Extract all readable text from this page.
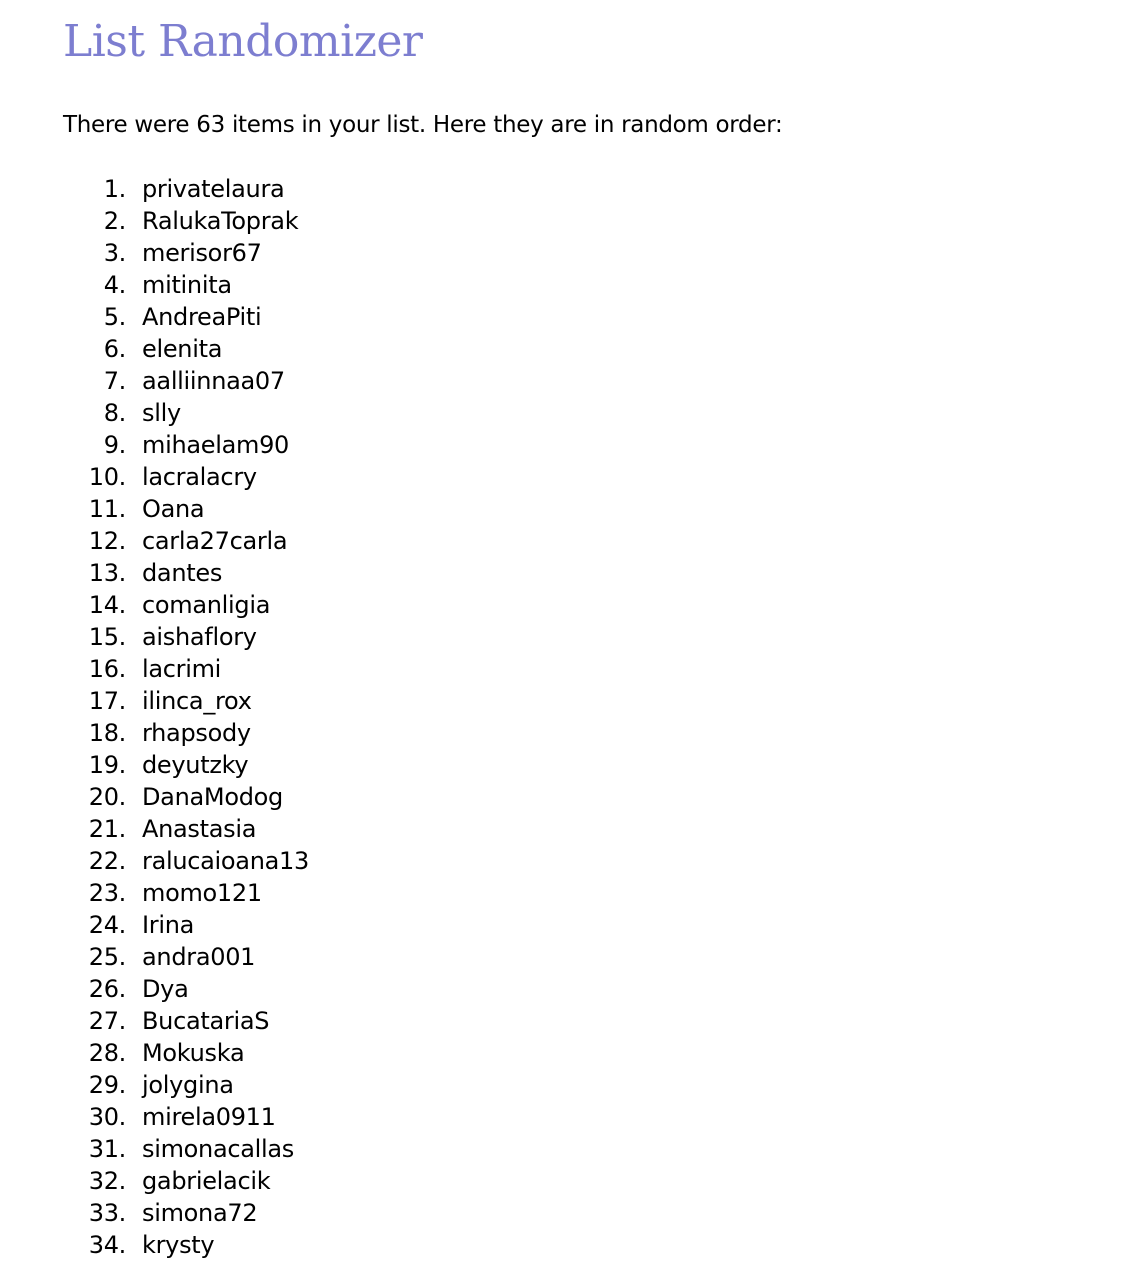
List Randomizer

There were 63 items in your list. Here they are in random order:

1. privatelaura
2. RalukaToprak
3. merisor67
4. mitinita
5. AndreaPiti
6. elenita
7. aalliinnaa07
8. slly
9. mihaelam90
10. lacralacry
11. Oana
12. carla27carla
13. dantes
14. comanligia
15. aishaflory
16. lacrimi
17. ilinca_rox
18. rhapsody
19. deyutzky
20. DanaModog
21. Anastasia
22. ralucaioana13
23. momo121
24. Irina
25. andra001
26. Dya
27. BucatariaS
28. Mokuska
29. jolygina
30. mirela0911
31. simonacallas
32. gabrielacik
33. simona72
34. krysty
